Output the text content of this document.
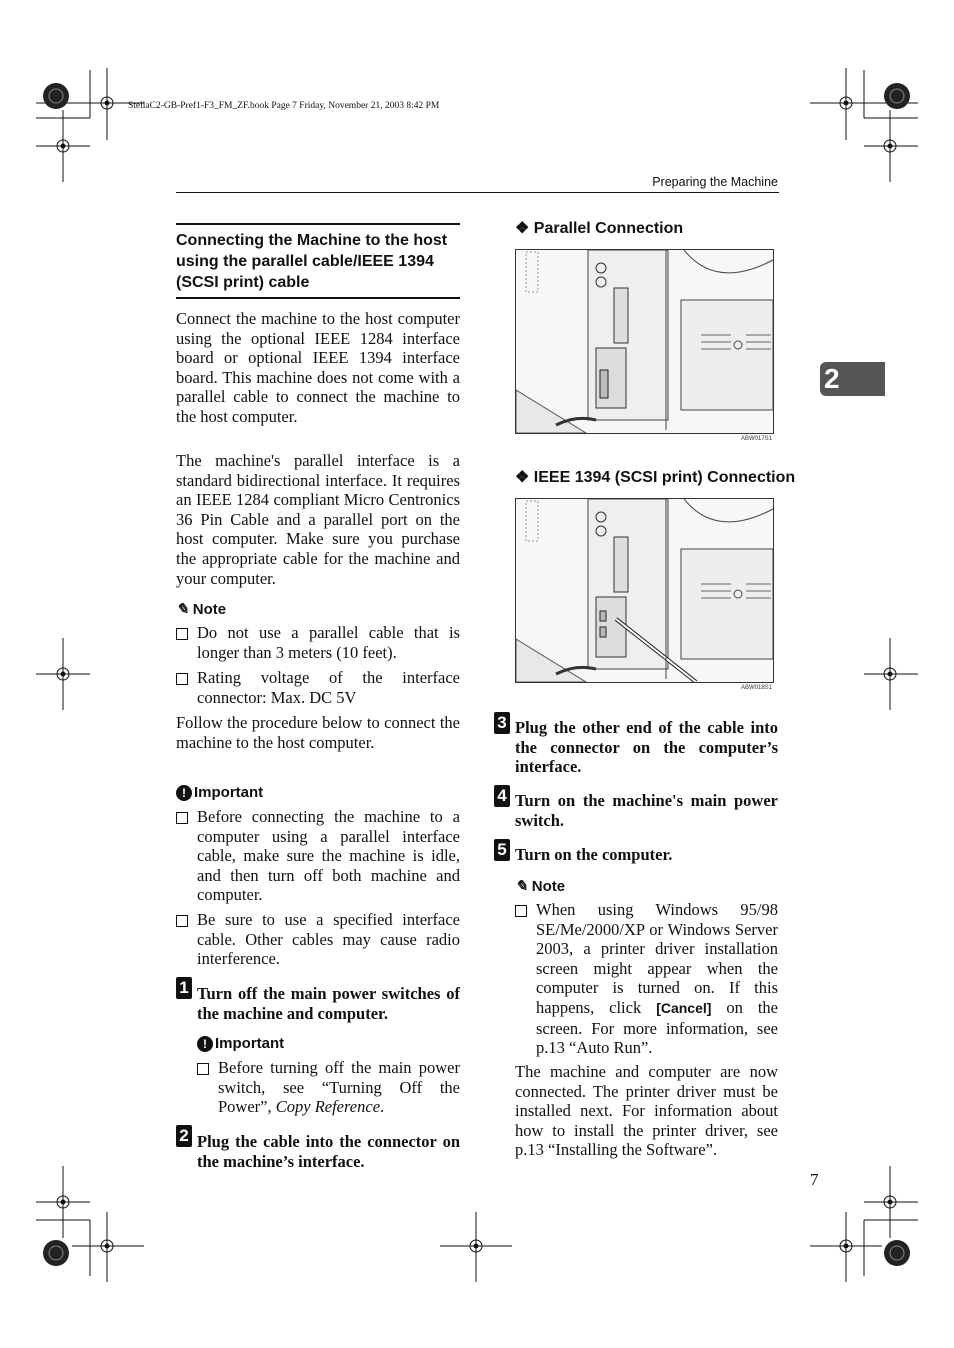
StellaC2-GB-Pref1-F3_FM_ZF.book Page 7 Friday, November 21, 2003 8:42 PM
Preparing the Machine
2
Connecting the Machine to the host using the parallel cable/IEEE 1394 (SCSI print) cable
Connect the machine to the host computer using the optional IEEE 1284 interface board or optional IEEE 1394 interface board. This machine does not come with a parallel cable to connect the machine to the host computer.
The machine's parallel interface is a standard bidirectional interface. It requires an IEEE 1284 compliant Micro Centronics 36 Pin Cable and a parallel port on the host computer. Make sure you purchase the appropriate cable for the machine and your computer.
✎ Note
Do not use a parallel cable that is longer than 3 meters (10 feet).
Rating voltage of the interface connector: Max. DC 5V
Follow the procedure below to connect the machine to the host computer.
! Important
Before connecting the machine to a computer using a parallel interface cable, make sure the machine is idle, and then turn off both machine and computer.
Be sure to use a specified interface cable. Other cables may cause radio interference.
1 Turn off the main power switches of the machine and computer.
! Important
Before turning off the main power switch, see “Turning Off the Power”, Copy Reference.
2 Plug the cable into the connector on the machine’s interface.
❖ Parallel Connection
ABW017S1
❖ IEEE 1394 (SCSI print) Connection
ABW018S1
3 Plug the other end of the cable into the connector on the computer’s interface.
4 Turn on the machine's main power switch.
5 Turn on the computer.
✎ Note
When using Windows 95/98 SE/Me/2000/XP or Windows Server 2003, a printer driver installation screen might appear when the computer is turned on. If this happens, click [Cancel] on the screen. For more information, see p.13 “Auto Run”.
The machine and computer are now connected. The printer driver must be installed next. For information about how to install the printer driver, see p.13 “Installing the Software”.
7
